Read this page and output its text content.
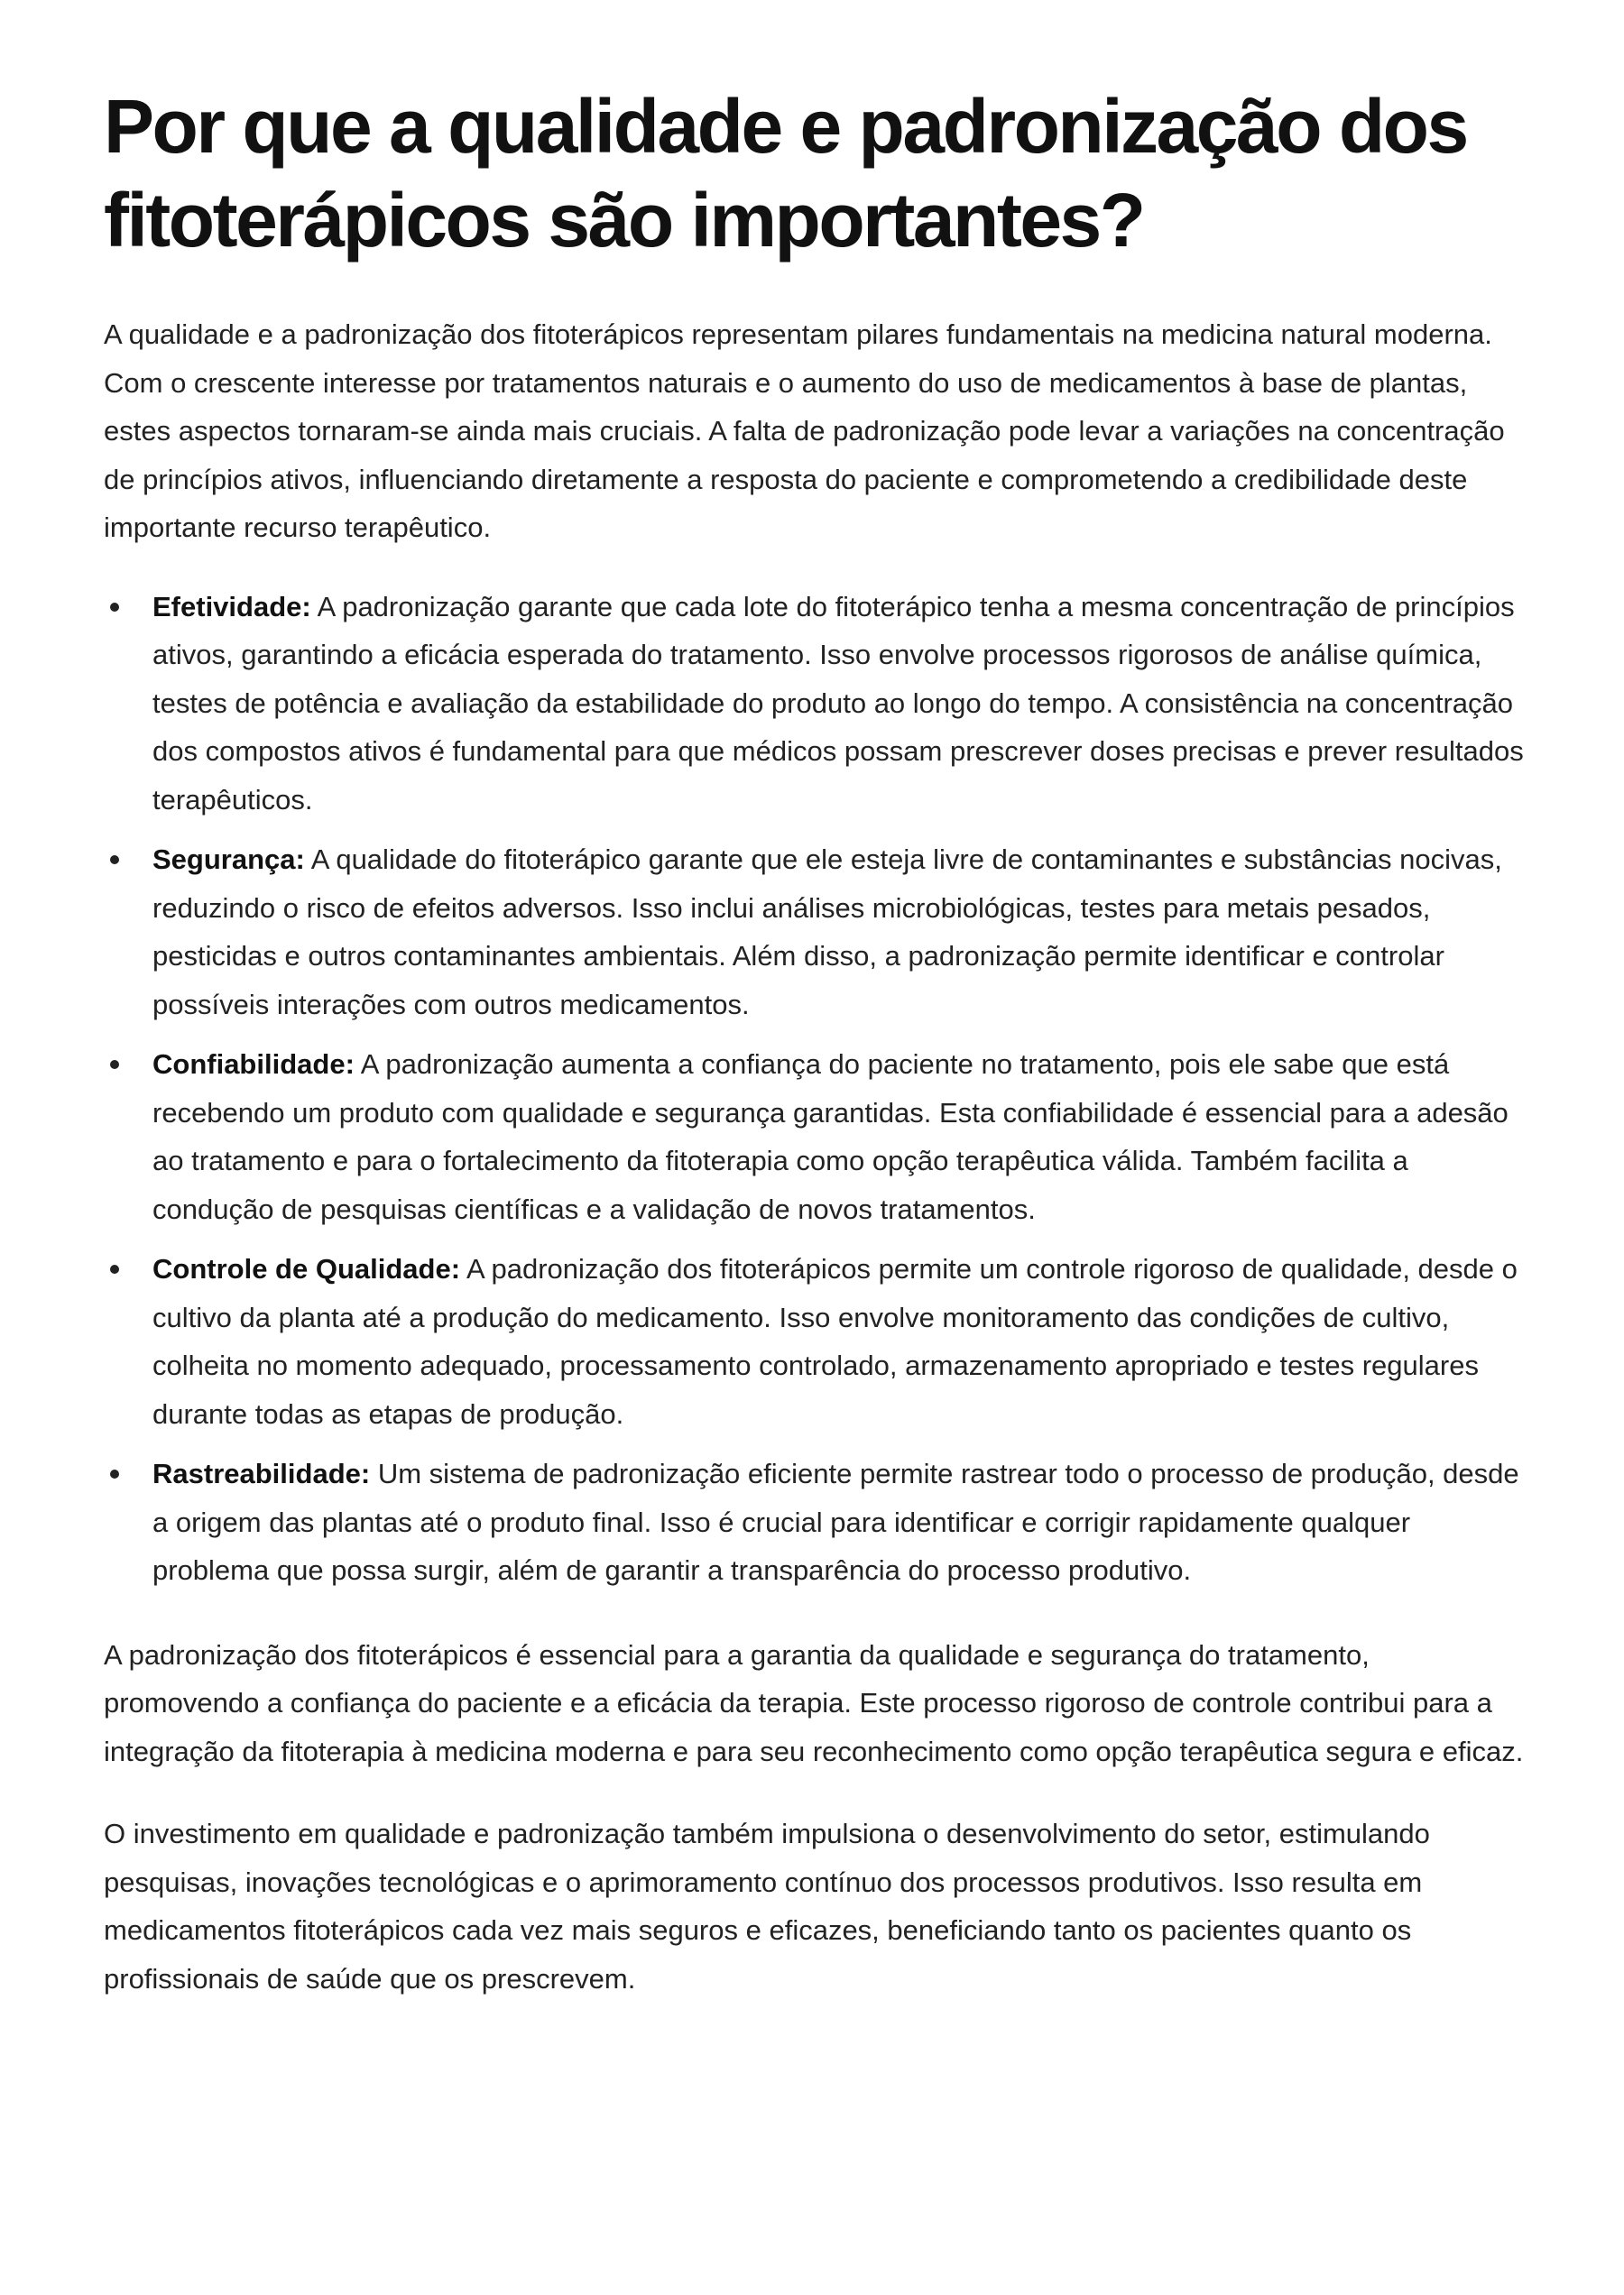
Por que a qualidade e padronização dos fitoterápicos são importantes?

A qualidade e a padronização dos fitoterápicos representam pilares fundamentais na medicina natural moderna. Com o crescente interesse por tratamentos naturais e o aumento do uso de medicamentos à base de plantas, estes aspectos tornaram-se ainda mais cruciais. A falta de padronização pode levar a variações na concentração de princípios ativos, influenciando diretamente a resposta do paciente e comprometendo a credibilidade deste importante recurso terapêutico.

Efetividade: A padronização garante que cada lote do fitoterápico tenha a mesma concentração de princípios ativos, garantindo a eficácia esperada do tratamento. Isso envolve processos rigorosos de análise química, testes de potência e avaliação da estabilidade do produto ao longo do tempo. A consistência na concentração dos compostos ativos é fundamental para que médicos possam prescrever doses precisas e prever resultados terapêuticos.
Segurança: A qualidade do fitoterápico garante que ele esteja livre de contaminantes e substâncias nocivas, reduzindo o risco de efeitos adversos. Isso inclui análises microbiológicas, testes para metais pesados, pesticidas e outros contaminantes ambientais. Além disso, a padronização permite identificar e controlar possíveis interações com outros medicamentos.
Confiabilidade: A padronização aumenta a confiança do paciente no tratamento, pois ele sabe que está recebendo um produto com qualidade e segurança garantidas. Esta confiabilidade é essencial para a adesão ao tratamento e para o fortalecimento da fitoterapia como opção terapêutica válida. Também facilita a condução de pesquisas científicas e a validação de novos tratamentos.
Controle de Qualidade: A padronização dos fitoterápicos permite um controle rigoroso de qualidade, desde o cultivo da planta até a produção do medicamento. Isso envolve monitoramento das condições de cultivo, colheita no momento adequado, processamento controlado, armazenamento apropriado e testes regulares durante todas as etapas de produção.
Rastreabilidade: Um sistema de padronização eficiente permite rastrear todo o processo de produção, desde a origem das plantas até o produto final. Isso é crucial para identificar e corrigir rapidamente qualquer problema que possa surgir, além de garantir a transparência do processo produtivo.

A padronização dos fitoterápicos é essencial para a garantia da qualidade e segurança do tratamento, promovendo a confiança do paciente e a eficácia da terapia. Este processo rigoroso de controle contribui para a integração da fitoterapia à medicina moderna e para seu reconhecimento como opção terapêutica segura e eficaz.

O investimento em qualidade e padronização também impulsiona o desenvolvimento do setor, estimulando pesquisas, inovações tecnológicas e o aprimoramento contínuo dos processos produtivos. Isso resulta em medicamentos fitoterápicos cada vez mais seguros e eficazes, beneficiando tanto os pacientes quanto os profissionais de saúde que os prescrevem.
